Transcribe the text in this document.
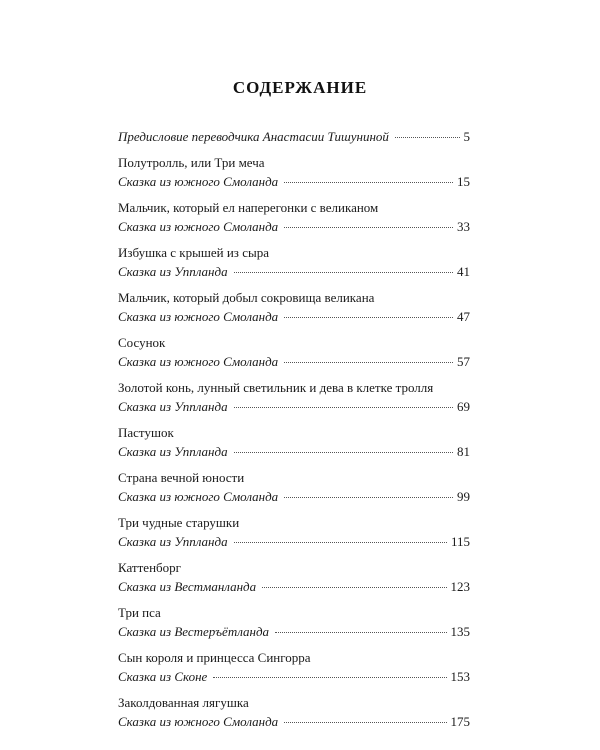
СОДЕРЖАНИЕ
Предисловие переводчика Анастасии Тишуниной	5
Полутролль, или Три меча
Сказка из южного Смоланда	15
Мальчик, который ел наперегонки с великаном
Сказка из южного Смоланда	33
Избушка с крышей из сыра
Сказка из Уппланда	41
Мальчик, который добыл сокровища великана
Сказка из южного Смоланда	47
Сосунок
Сказка из южного Смоланда	57
Золотой конь, лунный светильник и дева в клетке тролля
Сказка из Уппланда	69
Пастушок
Сказка из Уппланда	81
Страна вечной юности
Сказка из южного Смоланда	99
Три чудные старушки
Сказка из Уппланда	115
Каттенборг
Сказка из Вестманланда	123
Три пса
Сказка из Вестеръётланда	135
Сын короля и принцесса Сингорра
Сказка из Сконе	153
Заколдованная лягушка
Сказка из южного Смоланда	175
